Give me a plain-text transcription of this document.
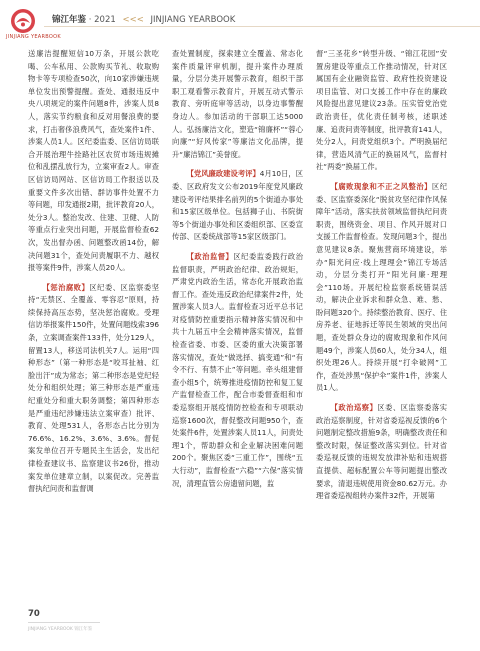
JINJIANG YEARBOOK
锦江年鉴 · 2021 <<< JINJIANG YEARBOOK

送廉洁提醒短信10万条，开展公款吃喝、公车私用、公款购买节礼、收取购物卡等专项检查50次，向10家涉嫌违规单位发出预警提醒。查处、通报违反中央八项规定的案件问题8件，涉案人员8人，落实节约粮食和反对用餐浪费的要求，打击奢侈浪费风气，查处案件1件、涉案人员1人。区纪委监委、区信访局联合开展治理牛拴路社区农贸市场违规摊位和乱摆乱放行为，立案审查2人。审查区信访局网站、区信访局工作报送以及重要文件多次出错、群访事件处置不力等问题，印发通报2期，批评教育20人，处分3人。整治发改、住建、卫健、人防等重点行业突出问题，开展监督检查62次，发出督办函、问题整改函14份，解决问题31个，查处问责履职不力、越权报等案件9件，涉案人员20人。

【惩治腐败】区纪委、区监察委坚持“无禁区、全覆盖、零容忍”原则，持续保持高压态势，坚决惩治腐败。受理信访举报案件150件，处置问题线索396条，立案调查案件133件，处分129人，留置13人，移送司法机关7人。运用“四种形态”（第一种形态是“咬耳扯袖、红脸出汗”成为常态；第二种形态是党纪轻处分和组织处理；第三种形态是严重违纪重处分和重大职务调整；第四种形态是严重违纪涉嫌违法立案审查）批评、教育、处理531人，各形态占比分别为76.6%、16.2%、3.6%、3.6%。督促案发单位召开专题民主生活会，发出纪律检查建议书、监察建议书26份，推动案发单位建章立制，以案促改。完善监督执纪问责和监督调

查处置制度，探索建立全覆盖、常态化案件质量评审机制，提升案件办理质量，分层分类开展警示教育，组织干部职工观看警示教育片，开展互动式警示教育、旁听庭审等活动，以身边事警醒身边人。参加活动的干部职工达5000人。弘扬廉洁文化，塑造“锦廉杯”“蓉心向廉”“好风传家”等廉洁文化品牌，提升“廉洁锦江”美誉度。

【党风廉政建设考评】4月10日，区委、区政府发文公布2019年度党风廉政建设考评结果排名前列的5个街道办事处和15家区级单位。包括狮子山、书院街等5个街道办事处和区委组织部、区委宣传部、区委统战部等15家区级部门。

【政治监督】区纪委监委践行政治监督职责，严明政治纪律、政治规矩，严肃党内政治生活，常态化开展政治监督工作。查处违反政治纪律案件2件，处置涉案人员3人。监督检查习近平总书记对疫情防控重要指示精神落实情况和中共十九届五中全会精神落实情况，监督检查省委、市委、区委的重大决策部署落实情况，查处“做选择、搞变通”和“有令不行、有禁不止”等问题。牵头组建督查小组5个，统筹推进疫情防控和复工复产监督检查工作，配合市委督查组和市委巡察组开展疫情防控检查和专项联动巡察1600次，督促整改问题950个，查处案件6件，处置涉案人员11人，问责处理1个，帮助群众和企业解决困难问题200个。聚焦区委“三重工作”，围绕“五大行动”，监督检查“六稳”“六保”落实情况，清理直管公房遗留问题，监

督“三圣花乡”转型升级、“锦江花园”安置房建设等重点工作推动情况，针对区属国有企业融资监管、政府性投资建设项目监管、对口支援工作中存在的廉政风险提出意见建议23条。压实管党治党政治责任，优化责任制考核，述职述廉、追责问责等制度，批评教育141人，处分2人，问责党组织3个。严明换届纪律，营造风清气正的换届风气，监督村社“两委”换届工作。

【腐败现象和不正之风整治】区纪委、区监察委深化“脱贫攻坚纪律作风保障年”活动，落实扶贫领域监督执纪问责职责，围绕资金、项目、作风开展对口支援工作监督检查。发现问题3个，提出意见建议8条。聚焦营商环境建设，举办“阳光问应·线上理理会”锦江专场活动，分层分类打开“阳光问廉·理理会”110场。开展纪检监察系统错误活动，解决企业诉求和群众急、难、愁、盼问题320个。持续整治教育、医疗、住房养老、征地拆迁等民生领域的突出问题，查处群众身边的腐败现象和作风问题49个，涉案人员60人，处分34人，组织处理26人。持续开展“打伞破网”工作，查处涉黑“保护伞”案件1件，涉案人员1人。

【政治巡察】区委、区监察委落实政治巡察制度，针对省委巡视反馈的6个问题制定整改措施9条，明确整改责任和整改时限，保证整改落实到位。针对省委巡视反馈的违规发放津补贴和违规搭直提供、超标配置公车等问题提出整改要求，清退违规使用资金80.62万元。办理省委巡视组转办案件32件，开展第

70
JINJIANG YEARBOOK 锦江年鉴
